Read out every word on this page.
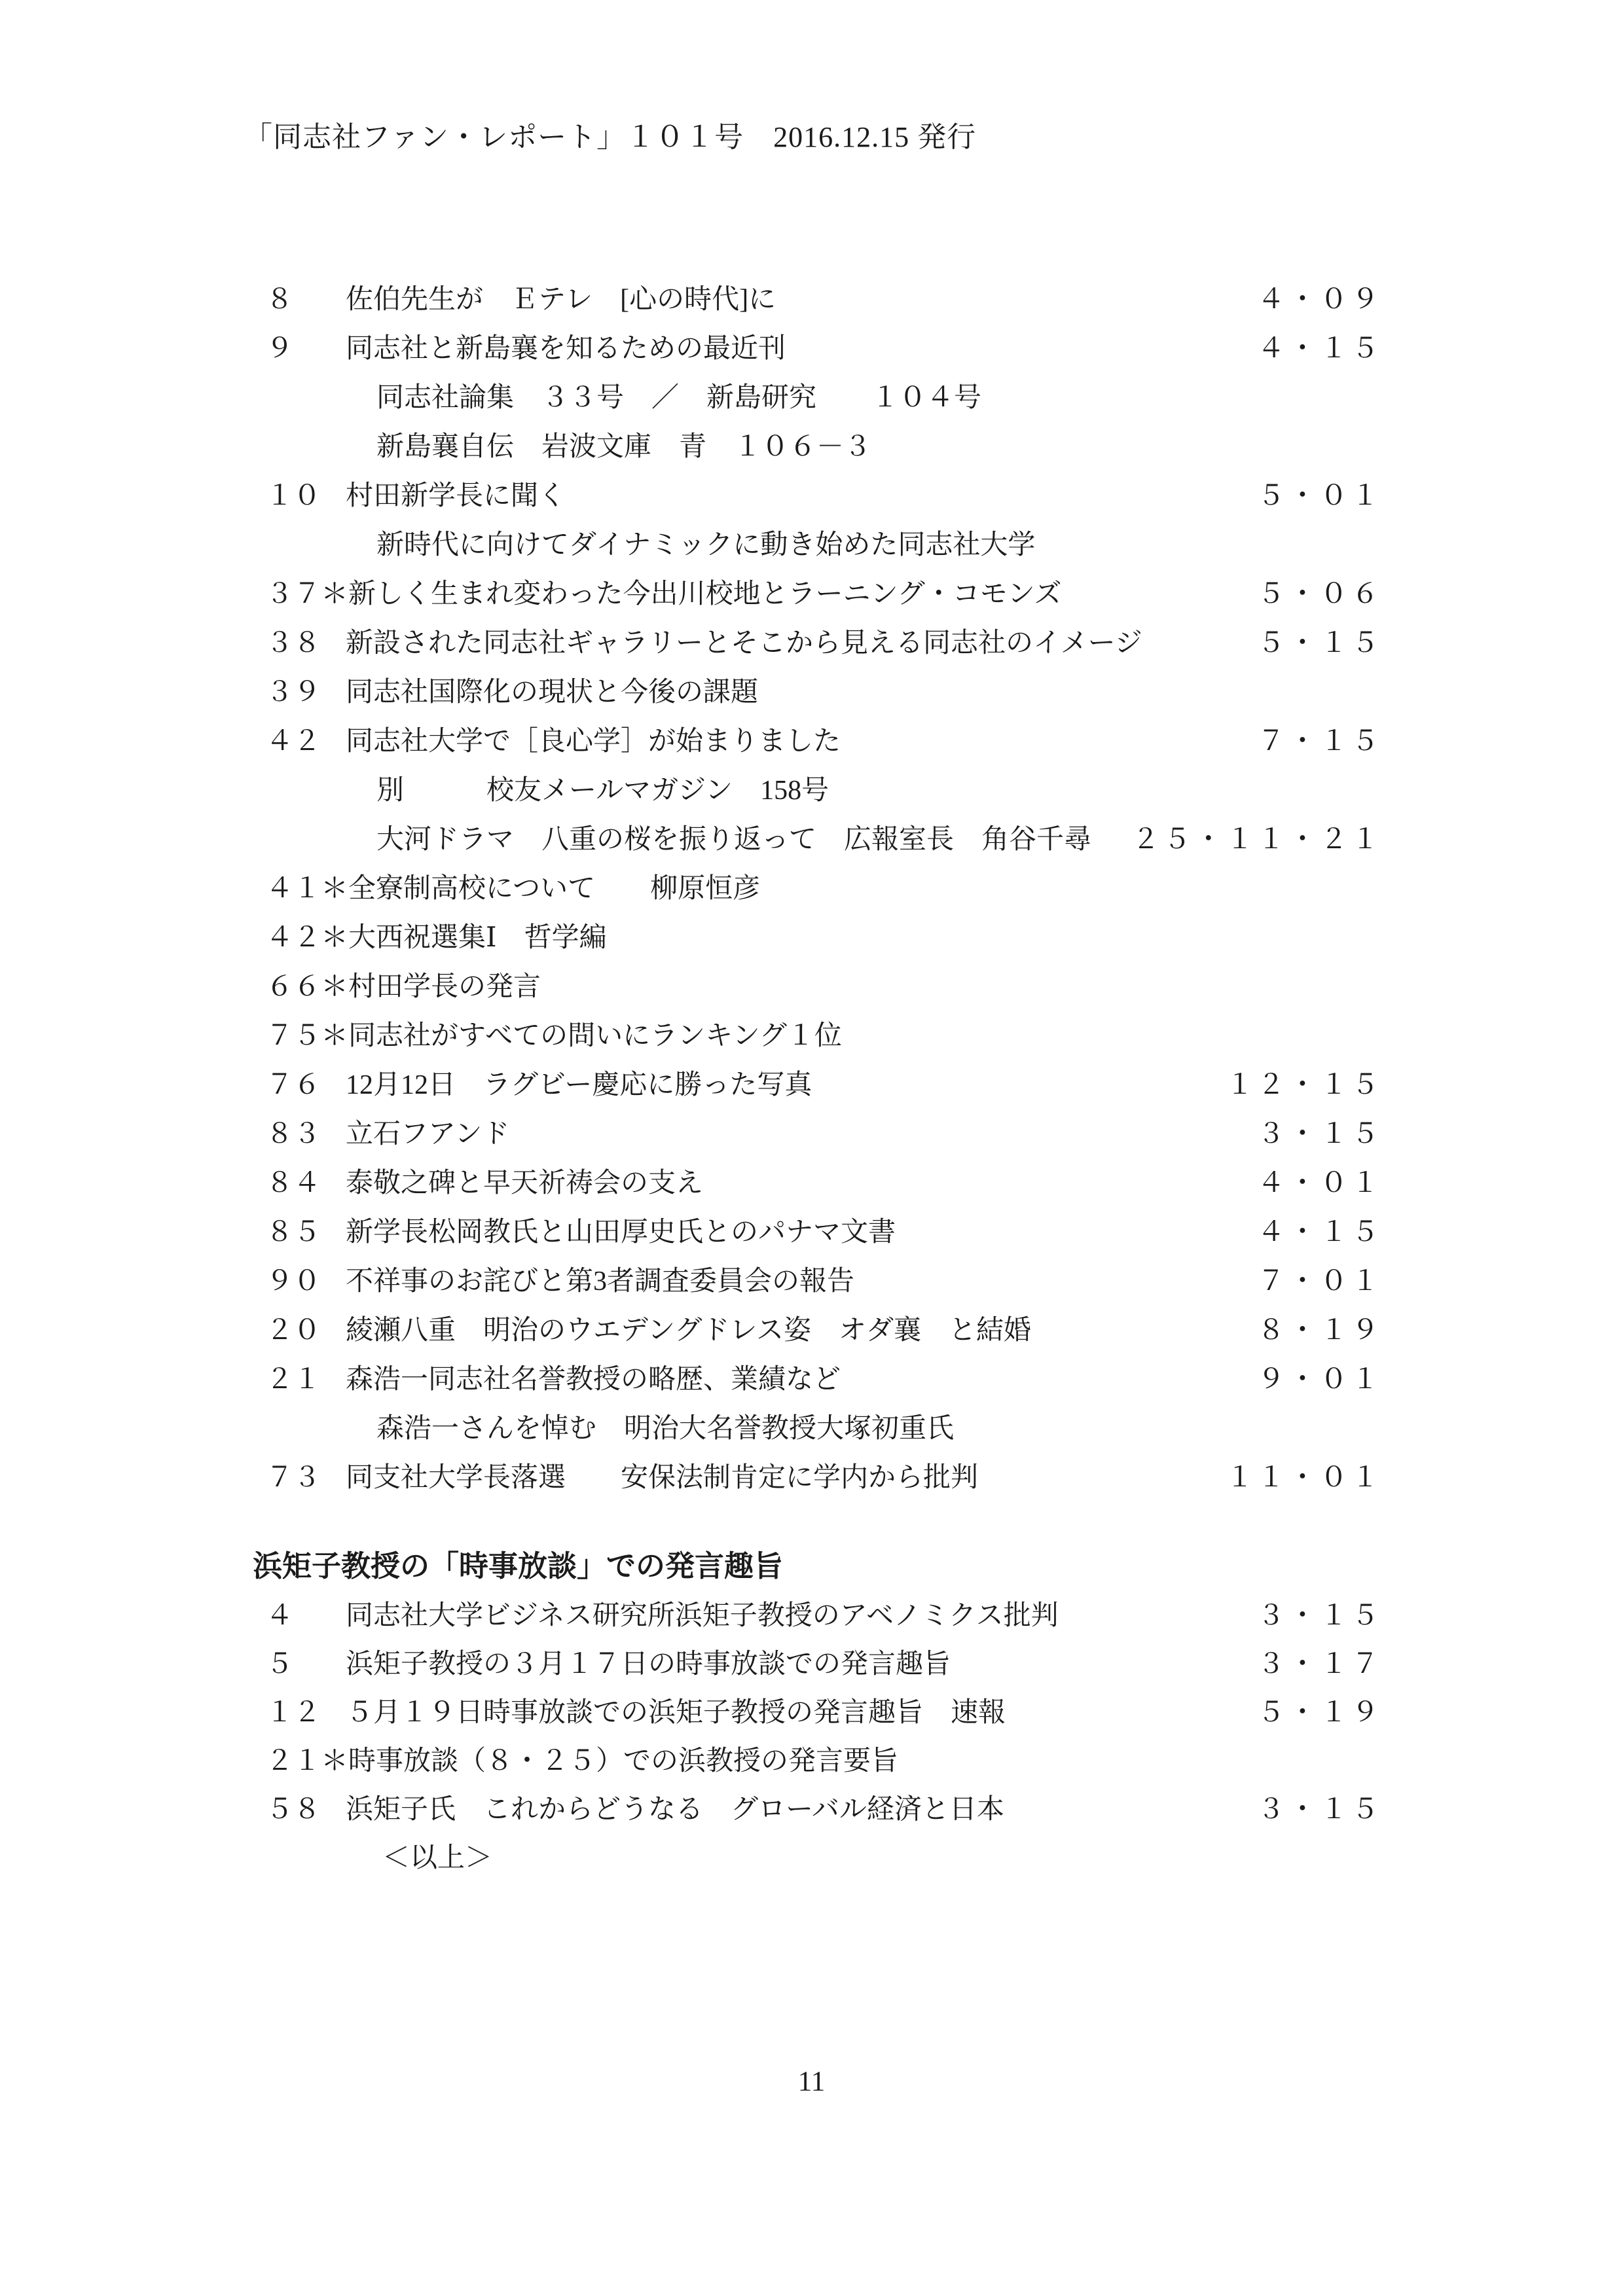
「同志社ファン・レポート」１０１号　2016.12.15 発行
８	佐伯先生が　Ｅテレ　[心の時代]に	４・０９
９	同志社と新島襄を知るための最近刊	４・１５
同志社論集　３３号　／　新島研究　　１０４号
新島襄自伝　岩波文庫　青　１０６－３
１０ 村田新学長に聞く	５・０１
新時代に向けてダイナミックに動き始めた同志社大学
３７＊ 新しく生まれ変わった今出川校地とラーニング・コモンズ	５・０６
３８ 新設された同志社ギャラリーとそこから見える同志社のイメージ	５・１５
３９ 同志社国際化の現状と今後の課題
４２ 同志社大学で［良心学］が始まりました	７・１５
別　　　校友メールマガジン　158号
大河ドラマ　八重の桜を振り返って　広報室長　角谷千尋 ２５・１１・２１
４１＊ 全寮制高校について　　柳原恒彦
４２＊ 大西祝選集Ⅰ　哲学編
６６＊ 村田学長の発言
７５＊ 同志社がすべての問いにランキング１位
７６ 12月12日　ラグビー慶応に勝った写真	１２・１５
８３ 立石フアンド	３・１５
８４ 泰敬之碑と早天祈祷会の支え	４・０１
８５ 新学長松岡教氏と山田厚史氏とのパナマ文書	４・１５
９０ 不祥事のお詫びと第3者調査委員会の報告	７・０１
２０ 綾瀬八重　明治のウエデングドレス姿　オダ襄　と結婚	８・１９
２１ 森浩一同志社名誉教授の略歴、業績など	９・０１
森浩一さんを悼む　明治大名誉教授大塚初重氏
７３ 同支社大学長落選　　安保法制肯定に学内から批判	１１・０１
浜矩子教授の「時事放談」での発言趣旨
４	同志社大学ビジネス研究所浜矩子教授のアベノミクス批判	３・１５
５	浜矩子教授の３月１７日の時事放談での発言趣旨	３・１７
１２ ５月１９日時事放談での浜矩子教授の発言趣旨　速報	５・１９
２１＊ 時事放談（８・２５）での浜教授の発言要旨
５８ 浜矩子氏　これからどうなる　グローバル経済と日本	３・１５
＜以上＞
11
